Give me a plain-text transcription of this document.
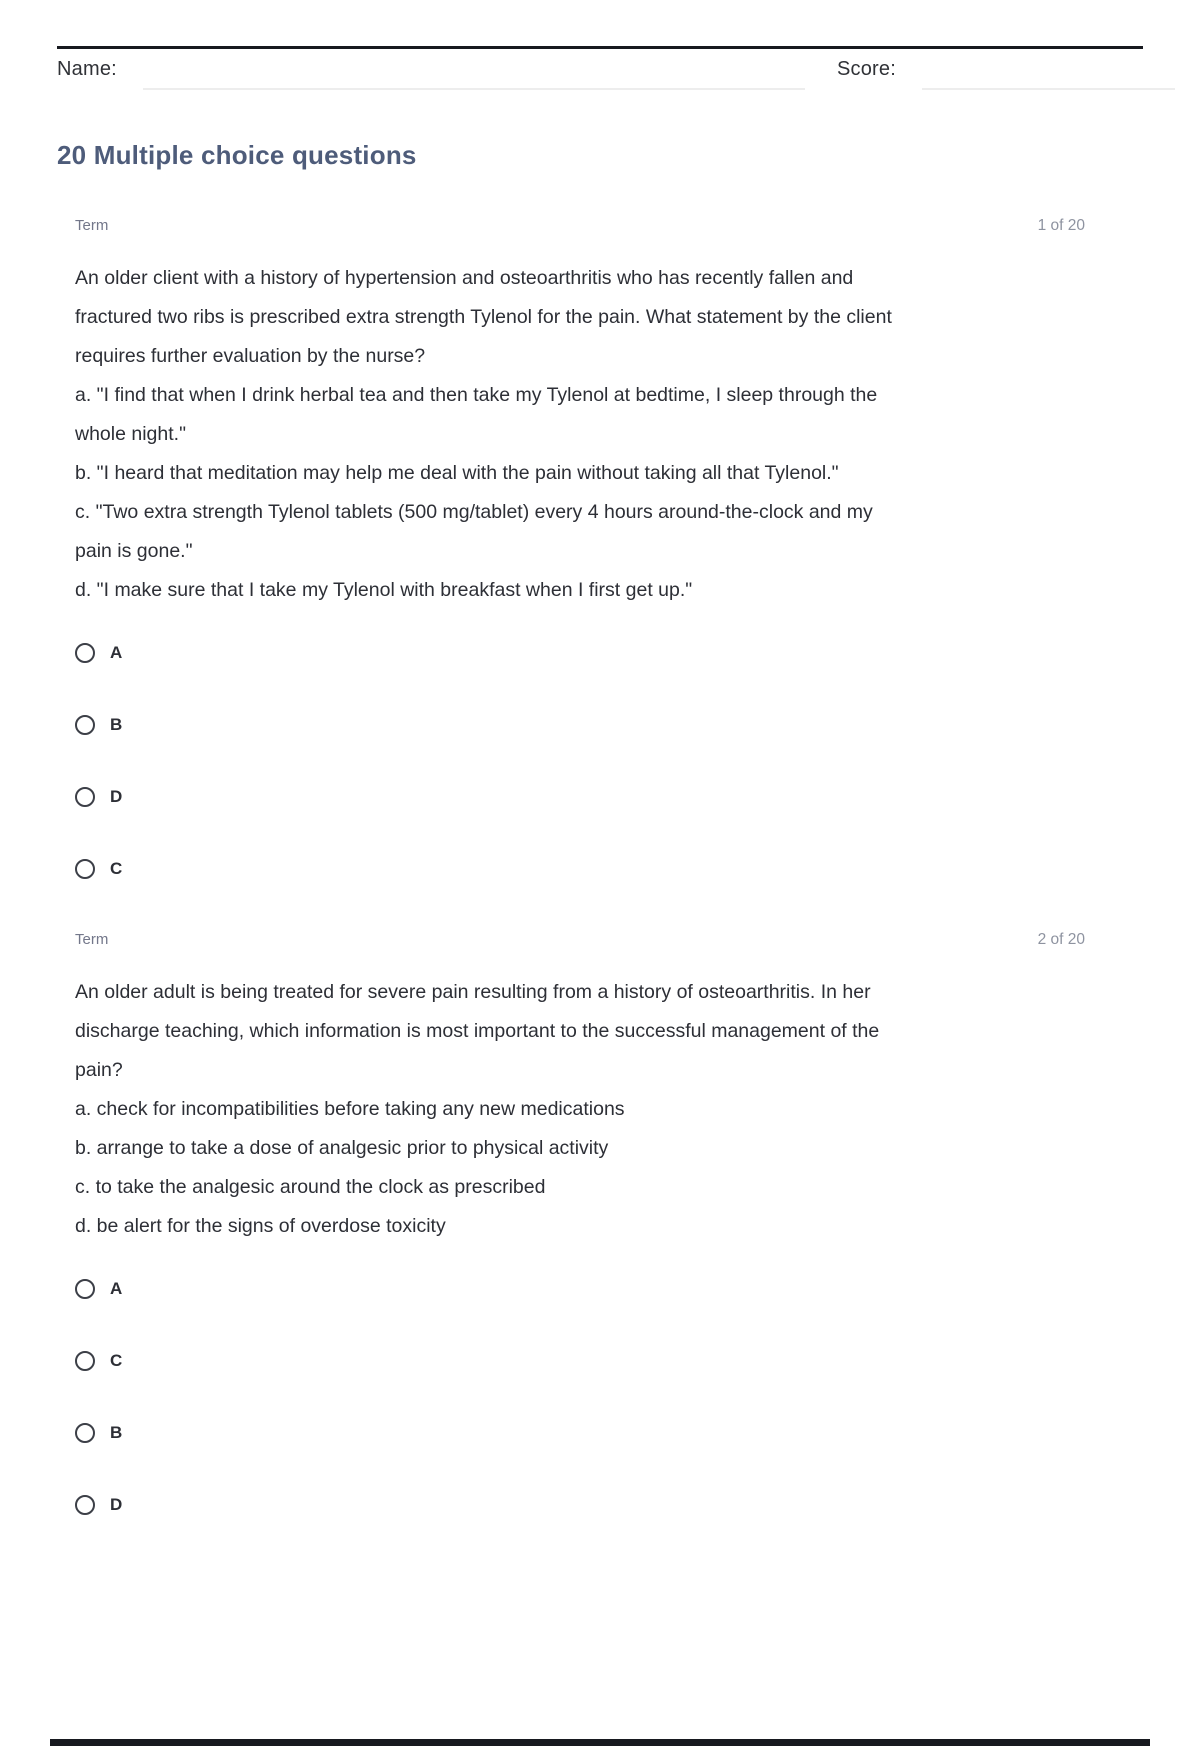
Name:	Score:
20 Multiple choice questions
Term	1 of 20
An older client with a history of hypertension and osteoarthritis who has recently fallen and
fractured two ribs is prescribed extra strength Tylenol for the pain. What statement by the client
requires further evaluation by the nurse?
a. "I find that when I drink herbal tea and then take my Tylenol at bedtime, I sleep through the
whole night."
b. "I heard that meditation may help me deal with the pain without taking all that Tylenol."
c. "Two extra strength Tylenol tablets (500 mg/tablet) every 4 hours around-the-clock and my
pain is gone."
d. "I make sure that I take my Tylenol with breakfast when I first get up."
A
B
D
C
Term	2 of 20
An older adult is being treated for severe pain resulting from a history of osteoarthritis. In her
discharge teaching, which information is most important to the successful management of the
pain?
a. check for incompatibilities before taking any new medications
b. arrange to take a dose of analgesic prior to physical activity
c. to take the analgesic around the clock as prescribed
d. be alert for the signs of overdose toxicity
A
C
B
D
